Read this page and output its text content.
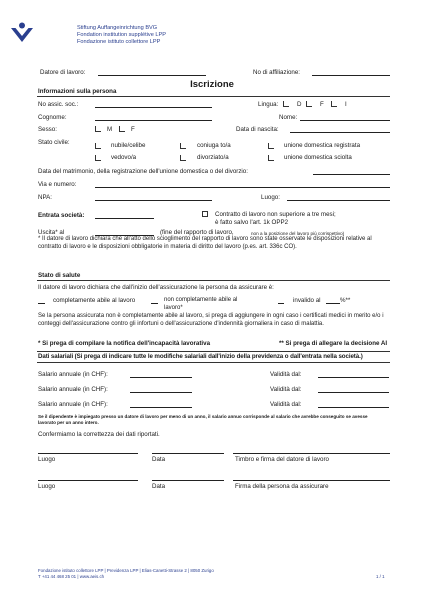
Stiftung Auffangeinrichtung BVG
Fondation institution supplétive LPP
Fondazione istituto collettore LPP
Datore di lavoro:	No di affiliazione:
Iscrizione
Informazioni sulla persona
No assic. soc.:	Lingua:	D	F	I
Cognome:	Nome:
Sesso:	M	F	Data di nascita:
Stato civile:	nubile/celibe	coniuga to/a	unione domestica registrata
vedovo/a	divorziato/a	unione domestica sciolta
Data del matrimonio, della registrazione dell'unione domestica o del divorzio:
Via e numero:
NPA:	Luogo:
Entrata società:	Contratto di lavoro non superiore a tre mesi;
è fatto salvo l'art. 1k OPP2
Uscita* al	(fine del rapporto di lavoro,	non a la posizione del lavoro più corrispettivo)
* Il datore di lavoro dichiara che all'atto dello scioglimento del rapporto di lavoro sono state osservate le disposizioni relative al contratto di lavoro e le disposizioni obbligatorie in materia di diritto del lavoro (p.es. art. 336c CO).
Stato di salute
Il datore di lavoro dichiara che dall'inizio dell'assicurazione la persona da assicurare è:
completamente abile al lavoro	non completamente abile al lavoro*
invalido al	%**
Se la persona assicurata non è completamente abile al lavoro, si prega di aggiungere in ogni caso i certificati medici in merito e/o i conteggi dell'assicurazione contro gli infortuni o dell'assicurazione d'indennità giornaliera in caso di malattia.
* Si prega di compilare la notifica dell'incapacità lavorativa	** Si prega di allegare la decisione AI
Dati salariali (Si prega di indicare tutte le modifiche salariali dall'inizio della previdenza o dall'entrata nella società.)
Salario annuale (in CHF):	Validità dal:
Salario annuale (in CHF):	Validità dal:
Salario annuale (in CHF):	Validità dal:
Se il dipendente è impiegato presso un datore di lavoro per meno di un anno, il salario annuo corrisponde al salario che avrebbe conseguito se avesse lavorato per un anno intero.
Confermiamo la correttezza dei dati riportati.
Luogo	Data	Timbro e firma del datore di lavoro
Luogo	Data	Firma della persona da assicurare
Fondazione istituto collettore LPP | Previdenza LPP | Elias-Canetti-Strasse 2 | 8050 Zurigo
T +41 44 468 25 01 | www.aeis.ch	1 / 1
